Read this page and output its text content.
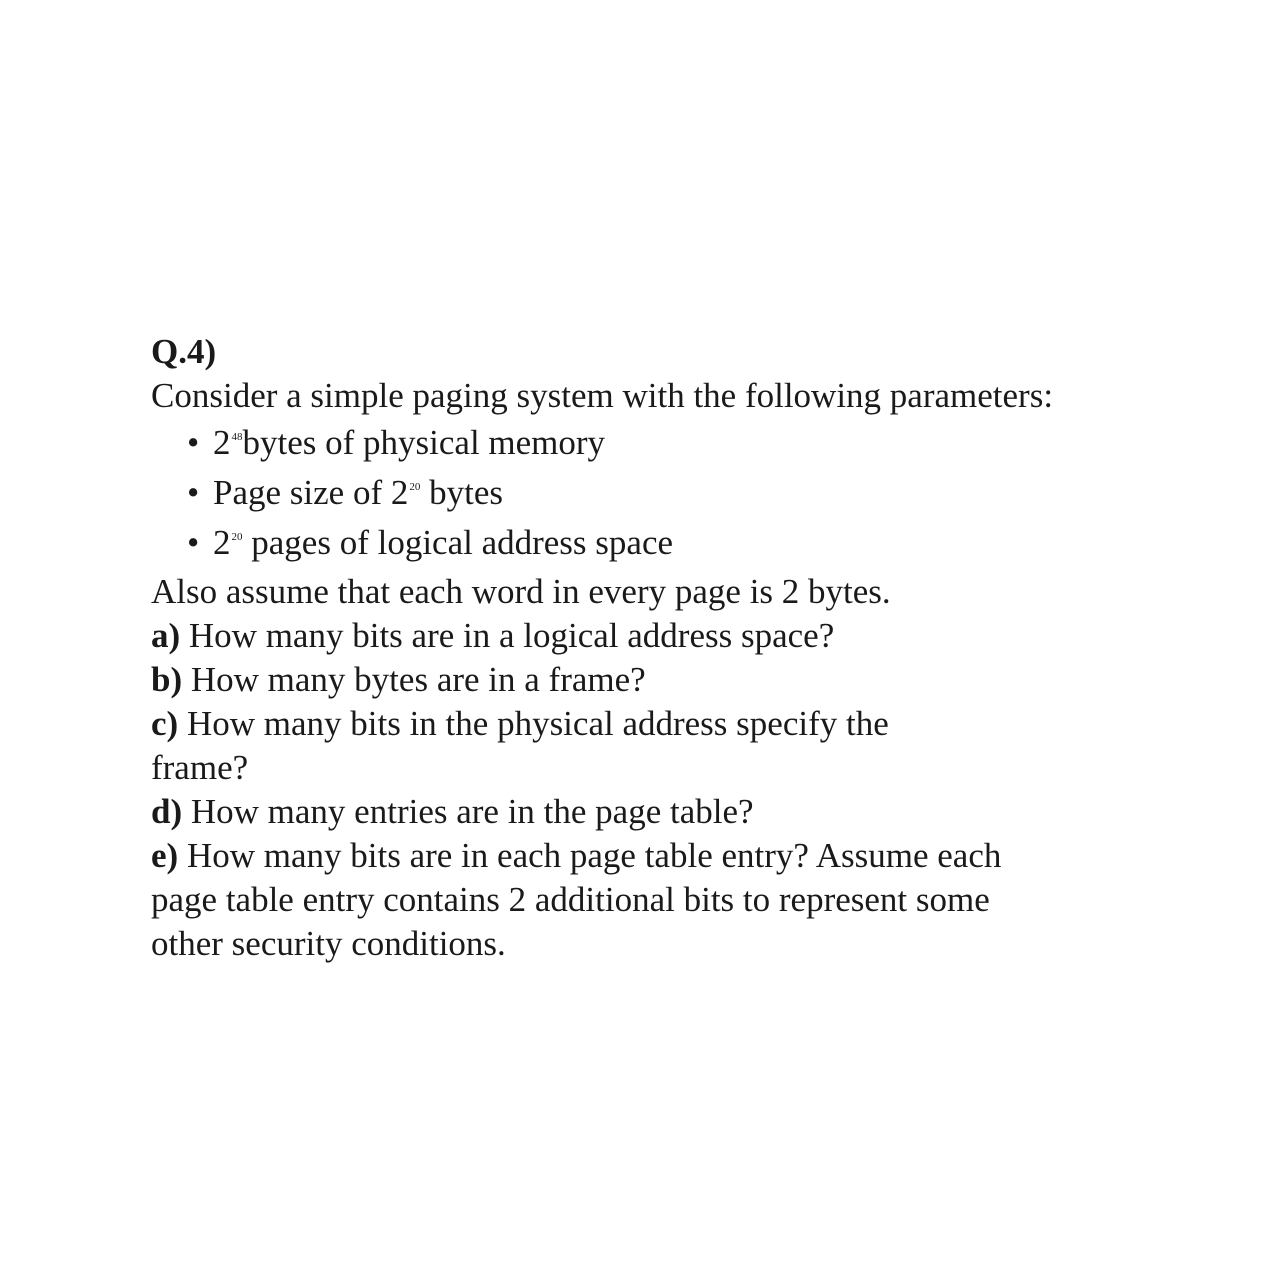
Q.4)

Consider a simple paging system with the following parameters:

• $2^{48}bytes$ of physical memory
• Page size of $2^{20}$ bytes
• $2^{20}$ pages of logical address space

Also assume that each word in every page is 2 bytes.

a) How many bits are in a logical address space?

b) How many bytes are in a frame?

c) How many bits in the physical address specify the

frame?

d) How many entries are in the page table?

e) How many bits are in each page table entry? Assume each

page table entry contains 2 additional bits to represent some

other security conditions.
